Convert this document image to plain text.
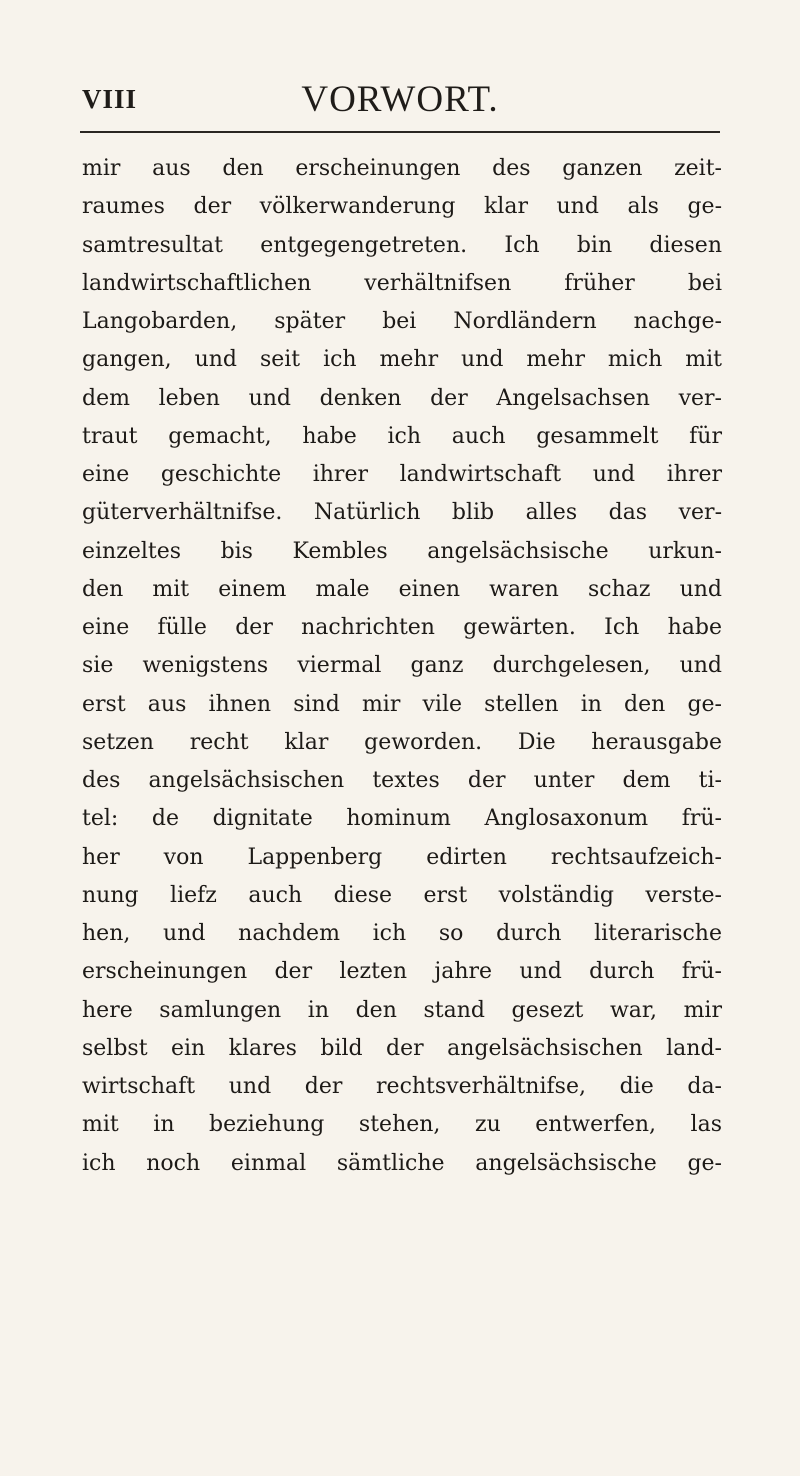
VIII	VORWORT.
mir aus den erscheinungen des ganzen zeit-
raumes der völkerwanderung klar und als ge-
samtresultat entgegengetreten. Ich bin diesen
landwirtschaftlichen verhältnifsen früher bei
Langobarden, später bei Nordländern nachge-
gangen, und seit ich mehr und mehr mich mit
dem leben und denken der Angelsachsen ver-
traut gemacht, habe ich auch gesammelt für
eine geschichte ihrer landwirtschaft und ihrer
güterverhältnifse. Natürlich blib alles das ver-
einzeltes bis Kembles angelsächsische urkun-
den mit einem male einen waren schaz und
eine fülle der nachrichten gewärten. Ich habe
sie wenigstens viermal ganz durchgelesen, und
erst aus ihnen sind mir vile stellen in den ge-
setzen recht klar geworden. Die herausgabe
des angelsächsischen textes der unter dem ti-
tel: de dignitate hominum Anglosaxonum frü-
her von Lappenberg edirten rechtsaufzeich-
nung liefz auch diese erst volständig verste-
hen, und nachdem ich so durch literarische
erscheinungen der lezten jahre und durch frü-
here samlungen in den stand gesezt war, mir
selbst ein klares bild der angelsächsischen land-
wirtschaft und der rechtsverhältnifse, die da-
mit in beziehung stehen, zu entwerfen, las
ich noch einmal sämtliche angelsächsische ge-
